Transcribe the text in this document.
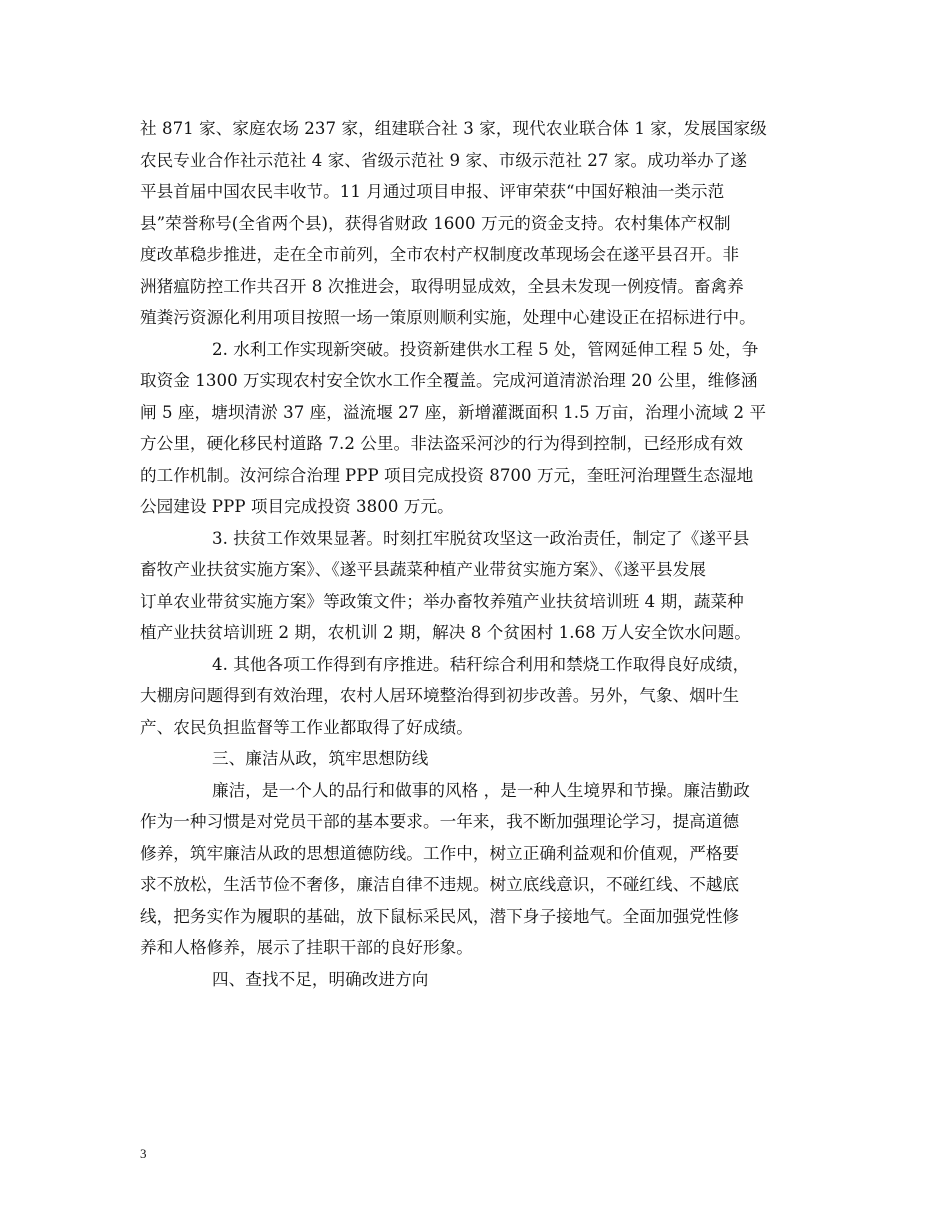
社 871 家、家庭农场 237 家，组建联合社 3 家，现代农业联合体 1 家，发展国家级
农民专业合作社示范社 4 家、省级示范社 9 家、市级示范社 27 家。成功举办了遂
平县首届中国农民丰收节。11 月通过项目申报、评审荣获“中国好粮油一类示范
县”荣誉称号(全省两个县)，获得省财政 1600 万元的资金支持。农村集体产权制
度改革稳步推进，走在全市前列，全市农村产权制度改革现场会在遂平县召开。非
洲猪瘟防控工作共召开 8 次推进会，取得明显成效，全县未发现一例疫情。畜禽养
殖粪污资源化利用项目按照一场一策原则顺利实施，处理中心建设正在招标进行中。
2. 水利工作实现新突破。投资新建供水工程 5 处，管网延伸工程 5 处，争
取资金 1300 万实现农村安全饮水工作全覆盖。完成河道清淤治理 20 公里，维修涵
闸 5 座，塘坝清淤 37 座，溢流堰 27 座，新增灌溉面积 1.5 万亩，治理小流域 2 平
方公里，硬化移民村道路 7.2 公里。非法盗采河沙的行为得到控制，已经形成有效
的工作机制。汝河综合治理 PPP 项目完成投资 8700 万元，奎旺河治理暨生态湿地
公园建设 PPP 项目完成投资 3800 万元。
3. 扶贫工作效果显著。时刻扛牢脱贫攻坚这一政治责任，制定了《遂平县
畜牧产业扶贫实施方案》、《遂平县蔬菜种植产业带贫实施方案》、《遂平县发展
订单农业带贫实施方案》等政策文件；举办畜牧养殖产业扶贫培训班 4 期，蔬菜种
植产业扶贫培训班 2 期，农机训 2 期，解决 8 个贫困村 1.68 万人安全饮水问题。
4. 其他各项工作得到有序推进。秸秆综合利用和禁烧工作取得良好成绩，
大棚房问题得到有效治理，农村人居环境整治得到初步改善。另外，气象、烟叶生
产、农民负担监督等工作业都取得了好成绩。
三、廉洁从政，筑牢思想防线
廉洁，是一个人的品行和做事的风格 ，是一种人生境界和节操。廉洁勤政
作为一种习惯是对党员干部的基本要求。一年来，我不断加强理论学习，提高道德
修养，筑牢廉洁从政的思想道德防线。工作中，树立正确利益观和价值观，严格要
求不放松，生活节俭不奢侈，廉洁自律不违规。树立底线意识，不碰红线、不越底
线，把务实作为履职的基础，放下鼠标采民风，潜下身子接地气。全面加强党性修
养和人格修养，展示了挂职干部的良好形象。
四、查找不足，明确改进方向
3
